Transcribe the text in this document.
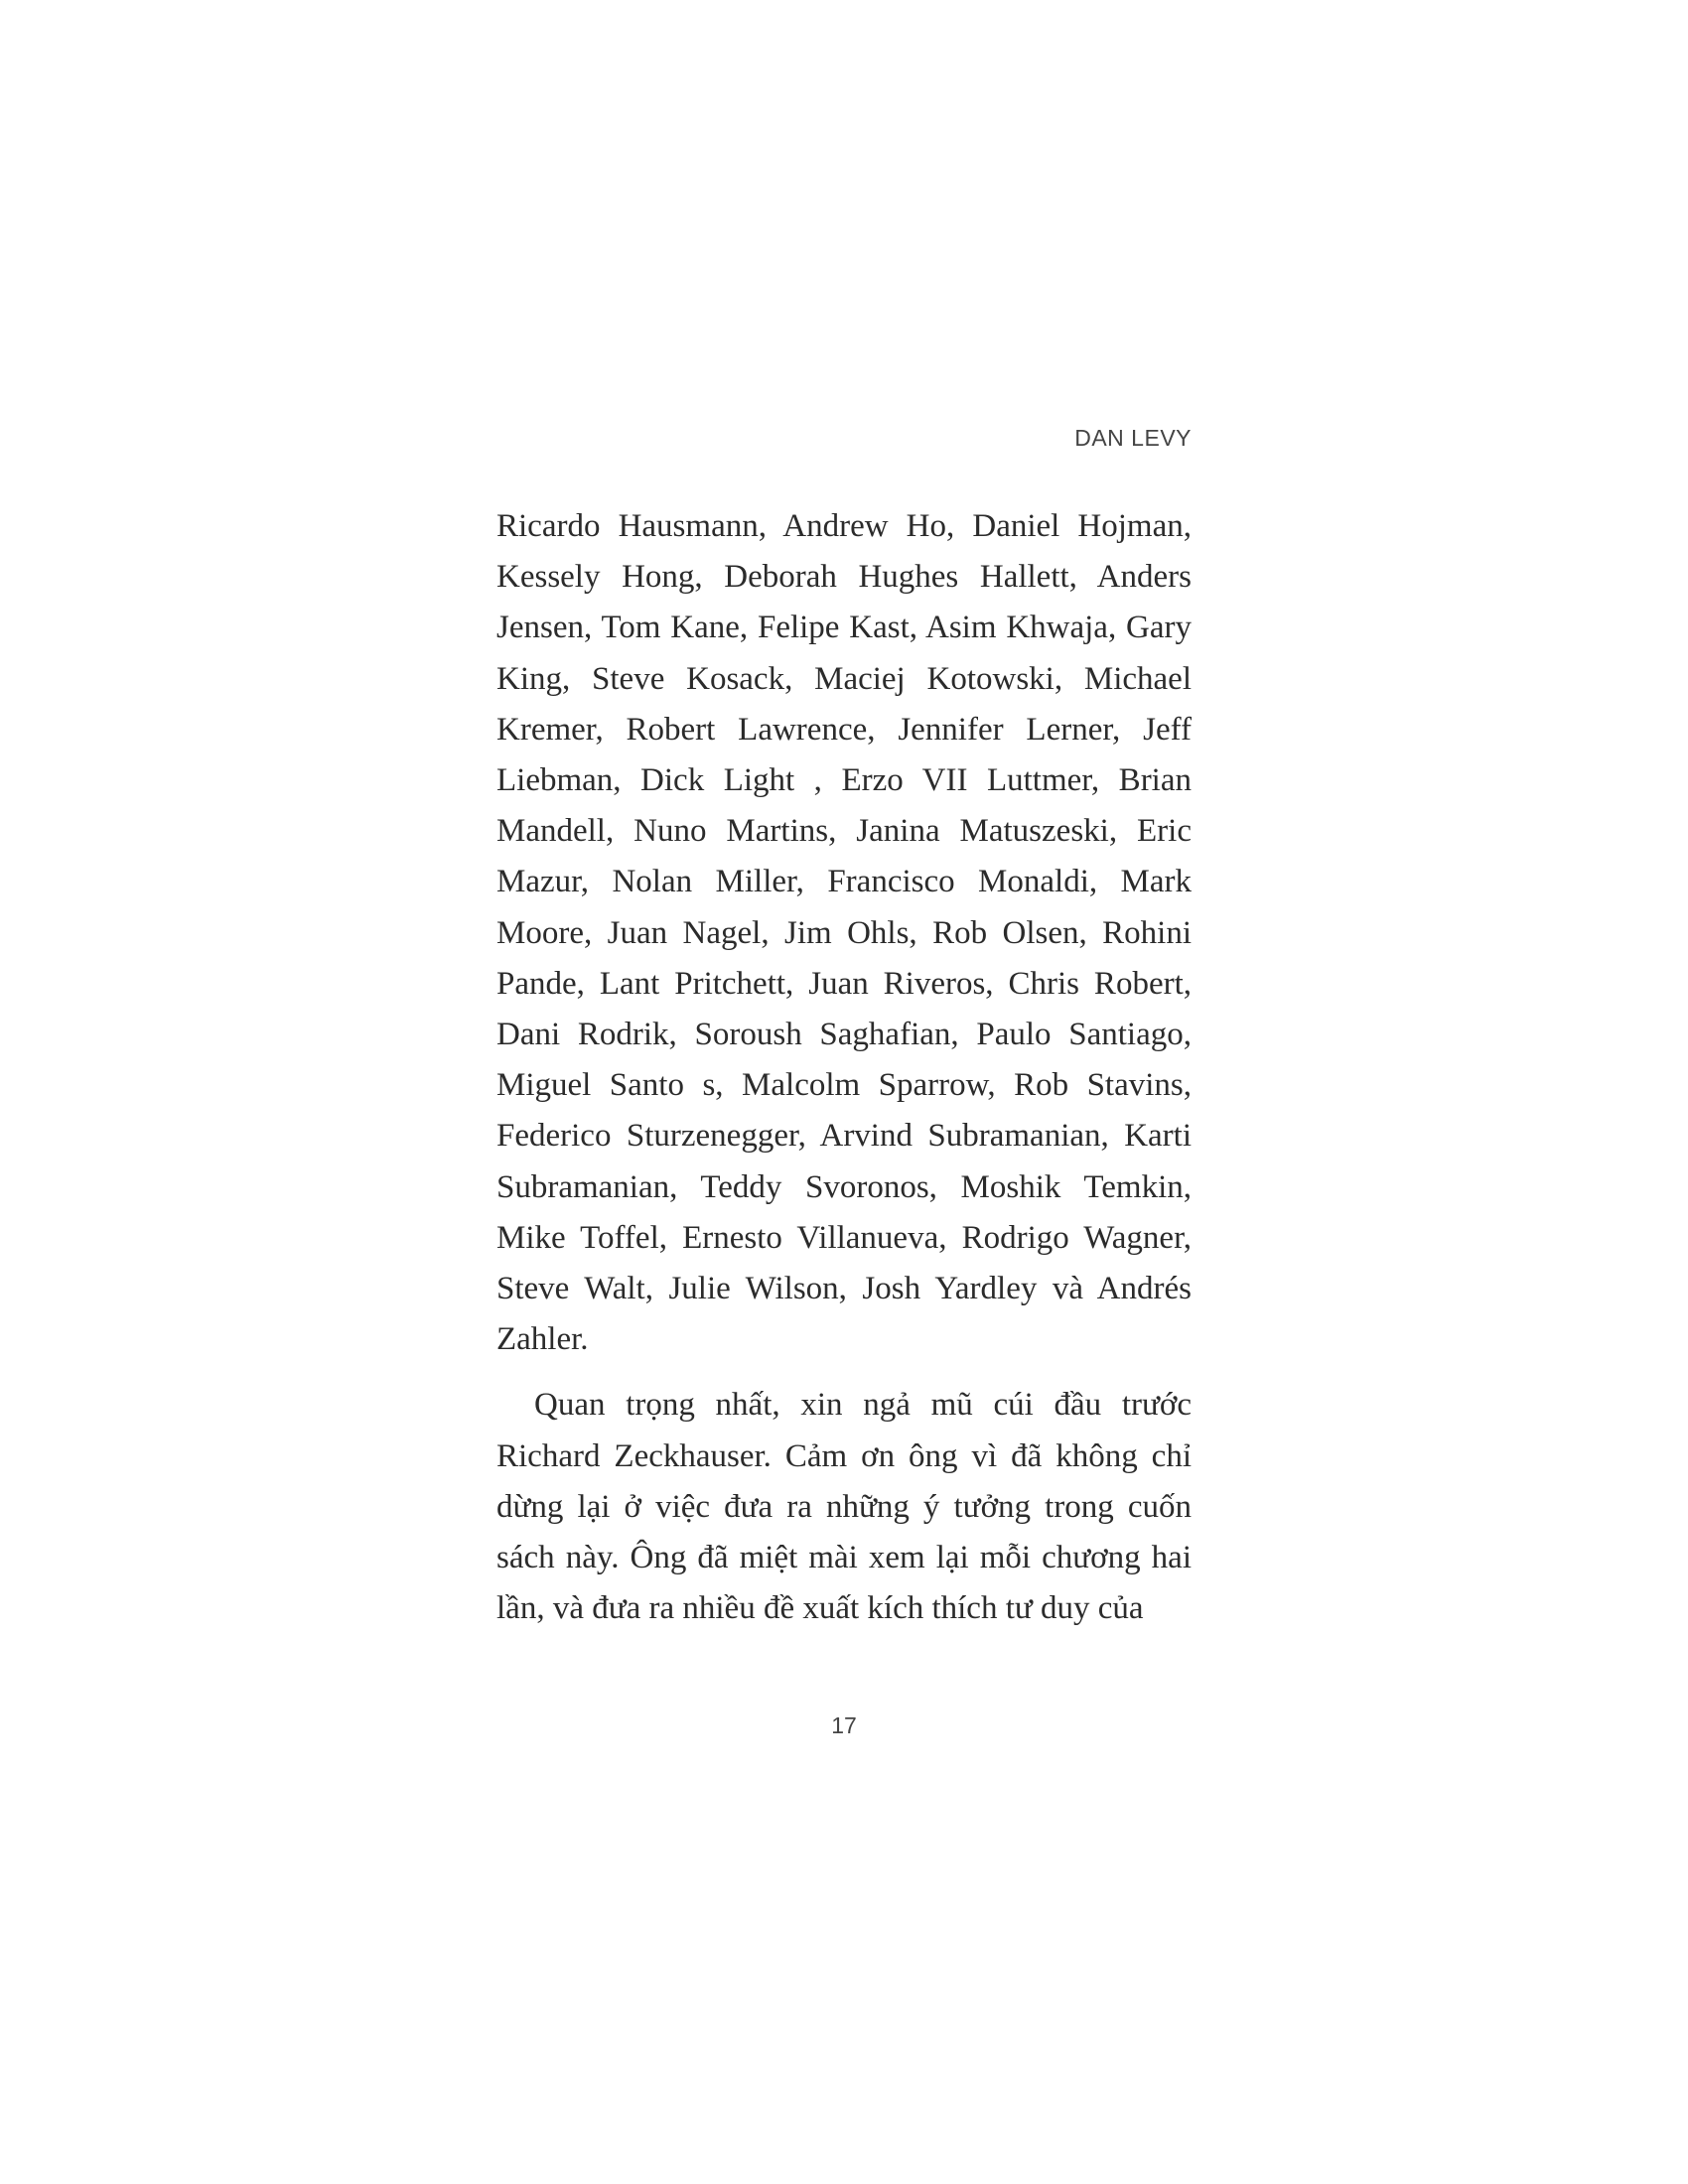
DAN LEVY

Ricardo Hausmann, Andrew Ho, Daniel Hojman, Kessely Hong, Deborah Hughes Hallett, Anders Jensen, Tom Kane, Felipe Kast, Asim Khwaja, Gary King, Steve Kosack, Maciej Kotowski, Michael Kremer, Robert Lawrence, Jennifer Lerner, Jeff Liebman, Dick Light , Erzo VII Luttmer, Brian Mandell, Nuno Martins, Janina Matuszeski, Eric Mazur, Nolan Miller, Francisco Monaldi, Mark Moore, Juan Nagel, Jim Ohls, Rob Olsen, Rohini Pande, Lant Pritchett, Juan Riveros, Chris Robert, Dani Rodrik, Soroush Saghafian, Paulo Santiago, Miguel Santo s, Malcolm Sparrow, Rob Stavins, Federico Sturzenegger, Arvind Subramanian, Karti Subramanian, Teddy Svoronos, Moshik Temkin, Mike Toffel, Ernesto Villanueva, Rodrigo Wagner, Steve Walt, Julie Wilson, Josh Yardley và Andrés Zahler.

Quan trọng nhất, xin ngả mũ cúi đầu trước Richard Zeckhauser. Cảm ơn ông vì đã không chỉ dừng lại ở việc đưa ra những ý tưởng trong cuốn sách này. Ông đã miệt mài xem lại mỗi chương hai lần, và đưa ra nhiều đề xuất kích thích tư duy của

17
